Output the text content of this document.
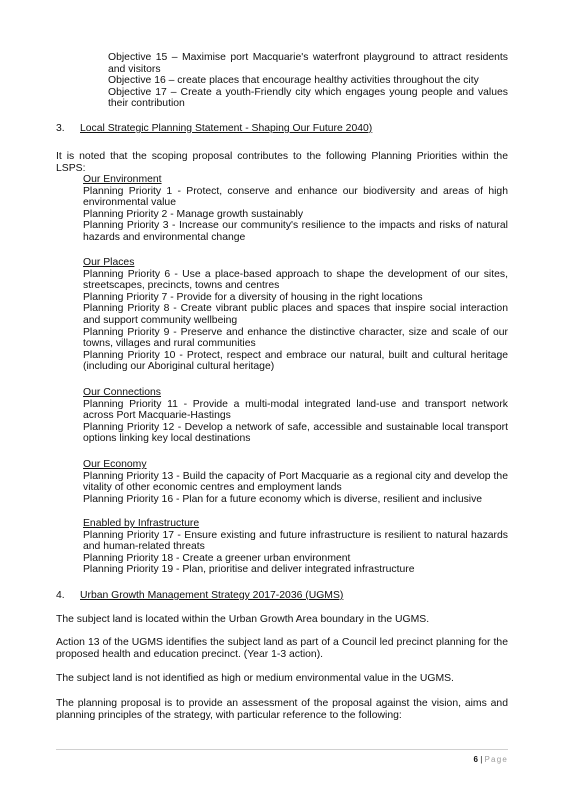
Objective 15 – Maximise port Macquarie's waterfront playground to attract residents and visitors

Objective 16 – create places that encourage healthy activities throughout the city

Objective 17 – Create a youth-Friendly city which engages young people and values their contribution

3. Local Strategic Planning Statement - Shaping Our Future 2040)

It is noted that the scoping proposal contributes to the following Planning Priorities within the LSPS:

Our Environment

Planning Priority 1 - Protect, conserve and enhance our biodiversity and areas of high environmental value

Planning Priority 2 - Manage growth sustainably

Planning Priority 3 - Increase our community's resilience to the impacts and risks of natural hazards and environmental change

Our Places

Planning Priority 6 - Use a place-based approach to shape the development of our sites, streetscapes, precincts, towns and centres

Planning Priority 7 - Provide for a diversity of housing in the right locations

Planning Priority 8 - Create vibrant public places and spaces that inspire social interaction and support community wellbeing

Planning Priority 9 - Preserve and enhance the distinctive character, size and scale of our towns, villages and rural communities

Planning Priority 10 - Protect, respect and embrace our natural, built and cultural heritage (including our Aboriginal cultural heritage)

Our Connections

Planning Priority 11 - Provide a multi-modal integrated land-use and transport network across Port Macquarie-Hastings

Planning Priority 12 - Develop a network of safe, accessible and sustainable local transport options linking key local destinations

Our Economy

Planning Priority 13 - Build the capacity of Port Macquarie as a regional city and develop the vitality of other economic centres and employment lands

Planning Priority 16 - Plan for a future economy which is diverse, resilient and inclusive

Enabled by Infrastructure

Planning Priority 17 - Ensure existing and future infrastructure is resilient to natural hazards and human-related threats

Planning Priority 18 - Create a greener urban environment

Planning Priority 19 - Plan, prioritise and deliver integrated infrastructure

4. Urban Growth Management Strategy 2017-2036 (UGMS)

The subject land is located within the Urban Growth Area boundary in the UGMS.

Action 13 of the UGMS identifies the subject land as part of a Council led precinct planning for the proposed health and education precinct. (Year 1-3 action).

The subject land is not identified as high or medium environmental value in the UGMS.

The planning proposal is to provide an assessment of the proposal against the vision, aims and planning principles of the strategy, with particular reference to the following:

6 | Page
